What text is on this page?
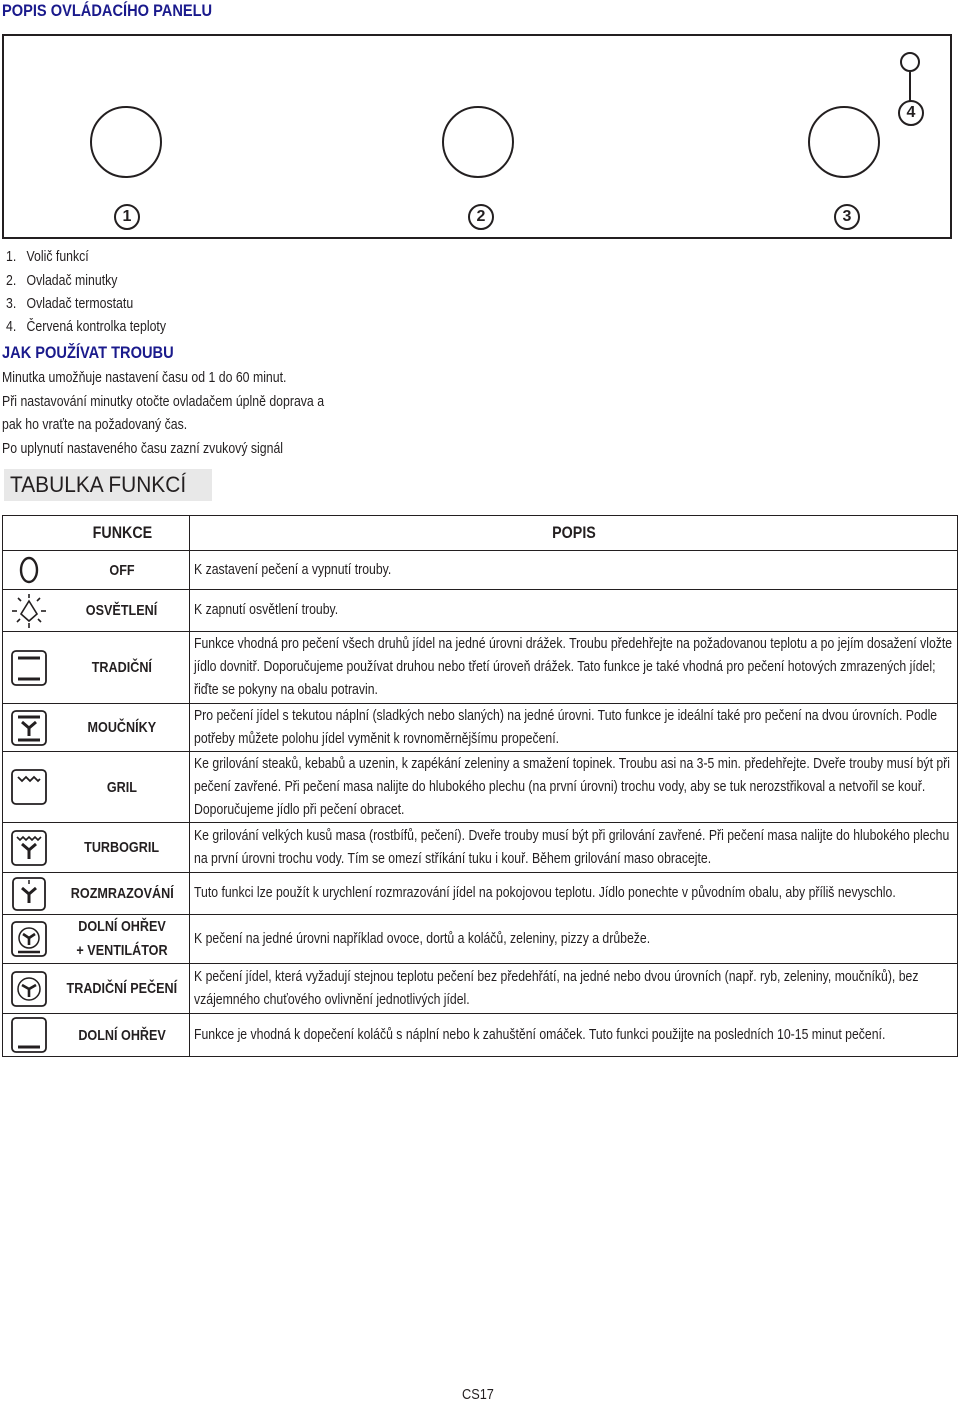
POPIS OVLÁDACÍHO PANELU
1	2	3
4
1.   Volič funkcí
2.   Ovladač minutky
3.   Ovladač termostatu
4.   Červená kontrolka teploty
JAK POUŽÍVAT TROUBU
Minutka umožňuje nastavení času od 1 do 60 minut.
Při nastavování minutky otočte ovladačem úplně doprava a
pak ho vraťte na požadovaný čas.
Po uplynutí nastaveného času zazní zvukový signál
TABULKA FUNKCÍ
	FUNKCE	POPIS

	OFF	K zastavení pečení a vypnutí trouby.

	OSVĚTLENÍ	K zapnutí osvětlení trouby.

	TRADIČNÍ	Funkce vhodná pro pečení všech druhů jídel na jedné úrovni drážek. Troubu předehřejte na požadovanou teplotu a po jejím dosažení vložte jídlo dovnitř. Doporučujeme používat druhou nebo třetí úroveň drážek. Tato funkce je také vhodná pro pečení hotových zmrazených jídel; řiďte se pokyny na obalu potravin.

	MOUČNÍKY	Pro pečení jídel s tekutou náplní (sladkých nebo slaných) na jedné úrovni. Tuto funkce je ideální také pro pečení na dvou úrovních. Podle potřeby můžete polohu jídel vyměnit k rovnoměrnějšímu propečení.

	GRIL	Ke grilování steaků, kebabů a uzenin, k zapékání zeleniny a smažení topinek. Troubu asi na 3-5 min. předehřejte. Dveře trouby musí být při pečení zavřené. Při pečení masa nalijte do hlubokého plechu (na první úrovni) trochu vody, aby se tuk nerozstřikoval a netvořil se kouř. Doporučujeme jídlo při pečení obracet.

	TURBOGRIL	Ke grilování velkých kusů masa (rostbífů, pečení). Dveře trouby musí být při grilování zavřené. Při pečení masa nalijte do hlubokého plechu na první úrovni trochu vody. Tím se omezí stříkání tuku i kouř. Během grilování maso obracejte.

	ROZMRAZOVÁNÍ	Tuto funkci lze použít k urychlení rozmrazování jídel na pokojovou teplotu. Jídlo ponechte v původním obalu, aby příliš nevyschlo.

	DOLNÍ OHŘEV + VENTILÁTOR	K pečení na jedné úrovni například ovoce, dortů a koláčů, zeleniny, pizzy a drůbeže.

	TRADIČNÍ PEČENÍ	K pečení jídel, která vyžadují stejnou teplotu pečení bez předehřátí, na jedné nebo dvou úrovních (např. ryb, zeleniny, moučníků), bez vzájemného chuťového ovlivnění jednotlivých jídel.

	DOLNÍ OHŘEV	Funkce je vhodná k dopečení koláčů s náplní nebo k zahuštění omáček. Tuto funkci použijte na posledních 10-15 minut pečení.
CS17
